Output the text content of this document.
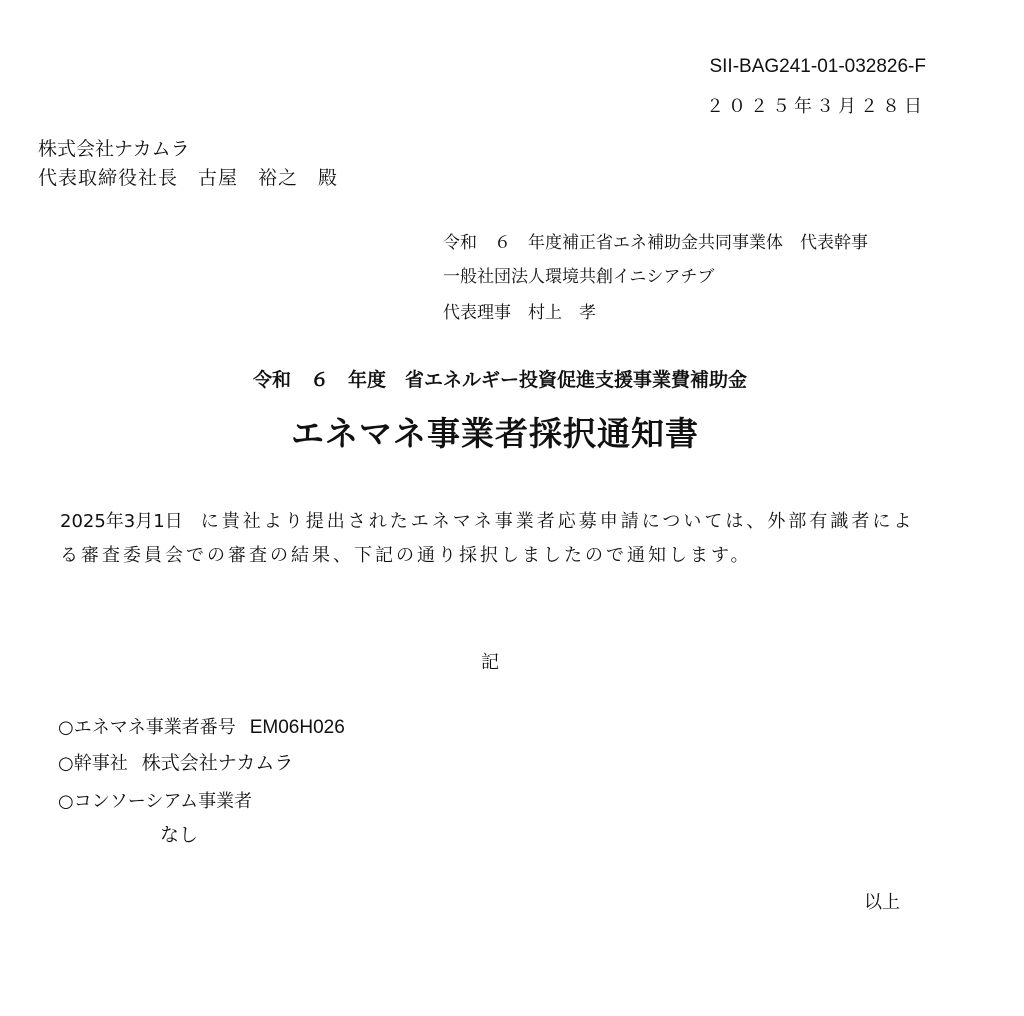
SII-BAG241-01-032826-F
２０２５年３月２８日
株式会社ナカムラ
代表取締役社長　古屋　裕之　殿
令和　６　年度補正省エネ補助金共同事業体　代表幹事
一般社団法人環境共創イニシアチブ
代表理事　村上　孝
令和　６　年度　省エネルギー投資促進支援事業費補助金
エネマネ事業者採択通知書
2025年3月1日 に貴社より提出されたエネマネ事業者応募申請については、外部有識者による審査委員会での審査の結果、下記の通り採択しましたので通知します。
記
○エネマネ事業者番号 EM06H026
○幹事社 株式会社ナカムラ
○コンソーシアム事業者
なし
以上
